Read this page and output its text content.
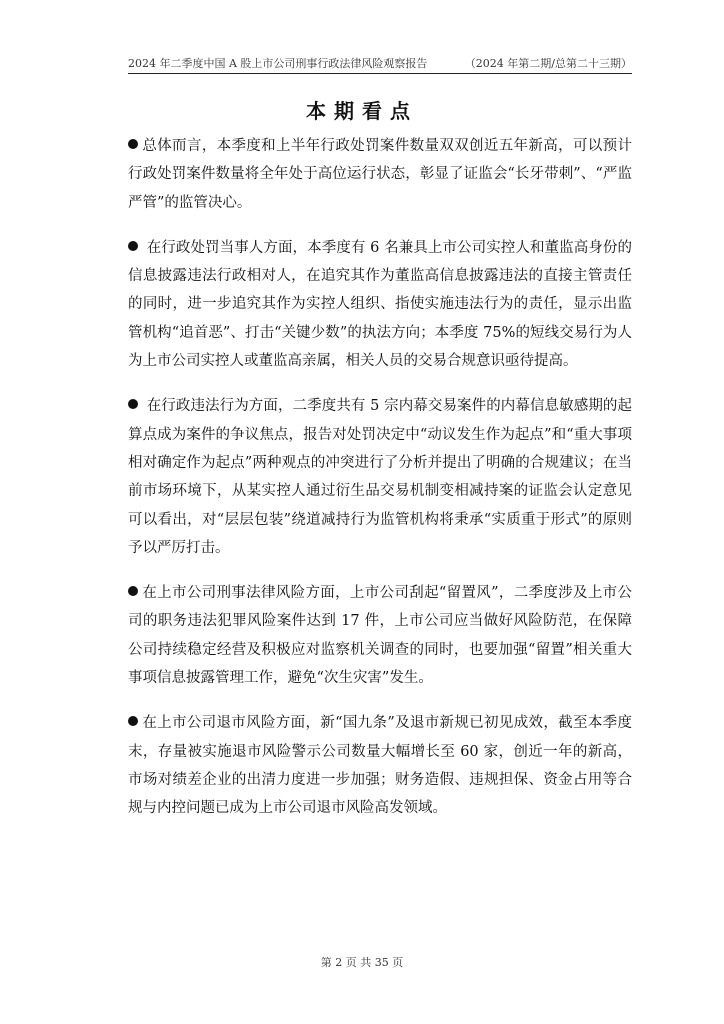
2024 年二季度中国 A 股上市公司刑事行政法律风险观察报告	（2024 年第二期/总第二十三期）
本期看点

总体而言，本季度和上半年行政处罚案件数量双双创近五年新高，可以预计行政处罚案件数量将全年处于高位运行状态，彰显了证监会“长牙带刺”、“严监严管”的监管决心。

在行政处罚当事人方面，本季度有 6 名兼具上市公司实控人和董监高身份的信息披露违法行政相对人，在追究其作为董监高信息披露违法的直接主管责任的同时，进一步追究其作为实控人组织、指使实施违法行为的责任，显示出监管机构“追首恶”、打击“关键少数”的执法方向；本季度 75%的短线交易行为人为上市公司实控人或董监高亲属，相关人员的交易合规意识亟待提高。

在行政违法行为方面，二季度共有 5 宗内幕交易案件的内幕信息敏感期的起算点成为案件的争议焦点，报告对处罚决定中“动议发生作为起点”和“重大事项相对确定作为起点”两种观点的冲突进行了分析并提出了明确的合规建议；在当前市场环境下，从某实控人通过衍生品交易机制变相减持案的证监会认定意见可以看出，对“层层包装”绕道减持行为监管机构将秉承“实质重于形式”的原则予以严厉打击。

在上市公司刑事法律风险方面，上市公司刮起“留置风”，二季度涉及上市公司的职务违法犯罪风险案件达到 17 件，上市公司应当做好风险防范，在保障公司持续稳定经营及积极应对监察机关调查的同时，也要加强“留置”相关重大事项信息披露管理工作，避免“次生灾害”发生。

在上市公司退市风险方面，新“国九条”及退市新规已初见成效，截至本季度末，存量被实施退市风险警示公司数量大幅增长至 60 家，创近一年的新高，市场对绩差企业的出清力度进一步加强；财务造假、违规担保、资金占用等合规与内控问题已成为上市公司退市风险高发领域。

第 2 页 共 35 页
